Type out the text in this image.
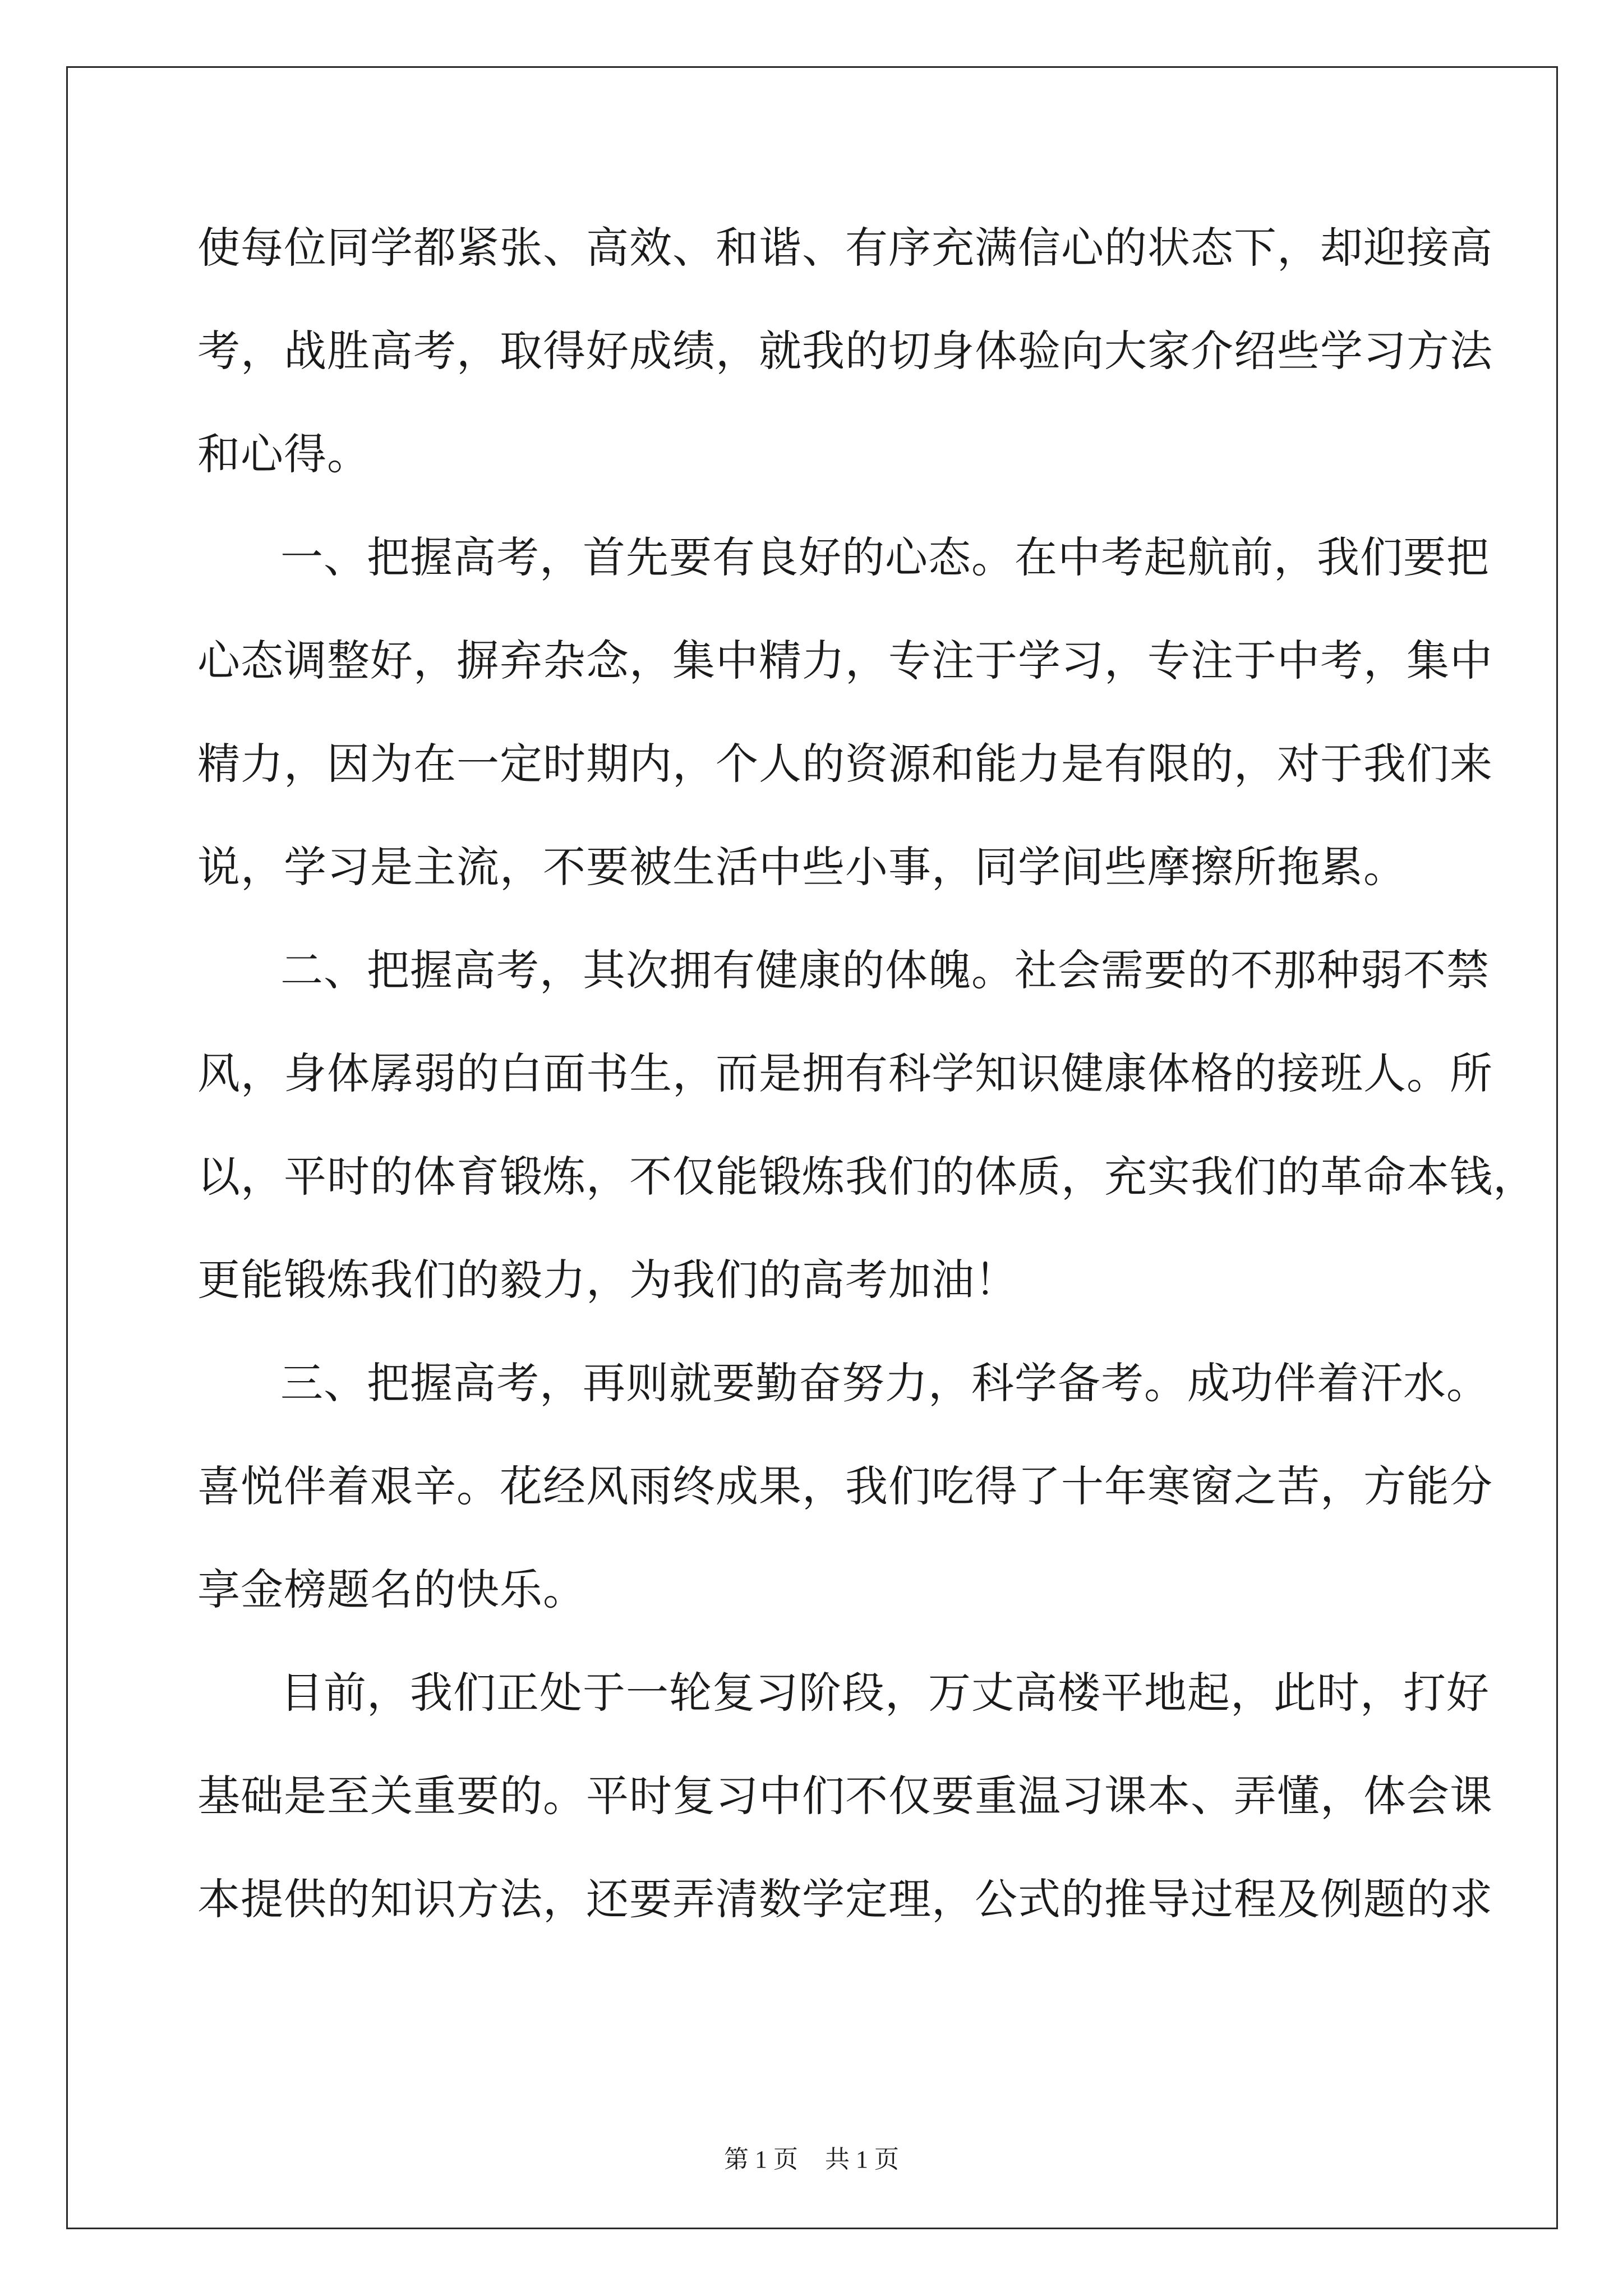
使每位同学都紧张、高效、和谐、有序充满信心的状态下，却迎接高
考，战胜高考，取得好成绩，就我的切身体验向大家介绍些学习方法
和心得。
一、把握高考，首先要有良好的心态。在中考起航前，我们要把
心态调整好，摒弃杂念，集中精力，专注于学习，专注于中考，集中
精力，因为在一定时期内，个人的资源和能力是有限的，对于我们来
说，学习是主流，不要被生活中些小事，同学间些摩擦所拖累。
二、把握高考，其次拥有健康的体魄。社会需要的不那种弱不禁
风，身体孱弱的白面书生，而是拥有科学知识健康体格的接班人。所
以，平时的体育锻炼，不仅能锻炼我们的体质，充实我们的革命本钱，
更能锻炼我们的毅力，为我们的高考加油！
三、把握高考，再则就要勤奋努力，科学备考。成功伴着汗水。
喜悦伴着艰辛。花经风雨终成果，我们吃得了十年寒窗之苦，方能分
享金榜题名的快乐。
目前，我们正处于一轮复习阶段，万丈高楼平地起，此时，打好
基础是至关重要的。平时复习中们不仅要重温习课本、弄懂，体会课
本提供的知识方法，还要弄清数学定理，公式的推导过程及例题的求
第 1 页 共 1 页
